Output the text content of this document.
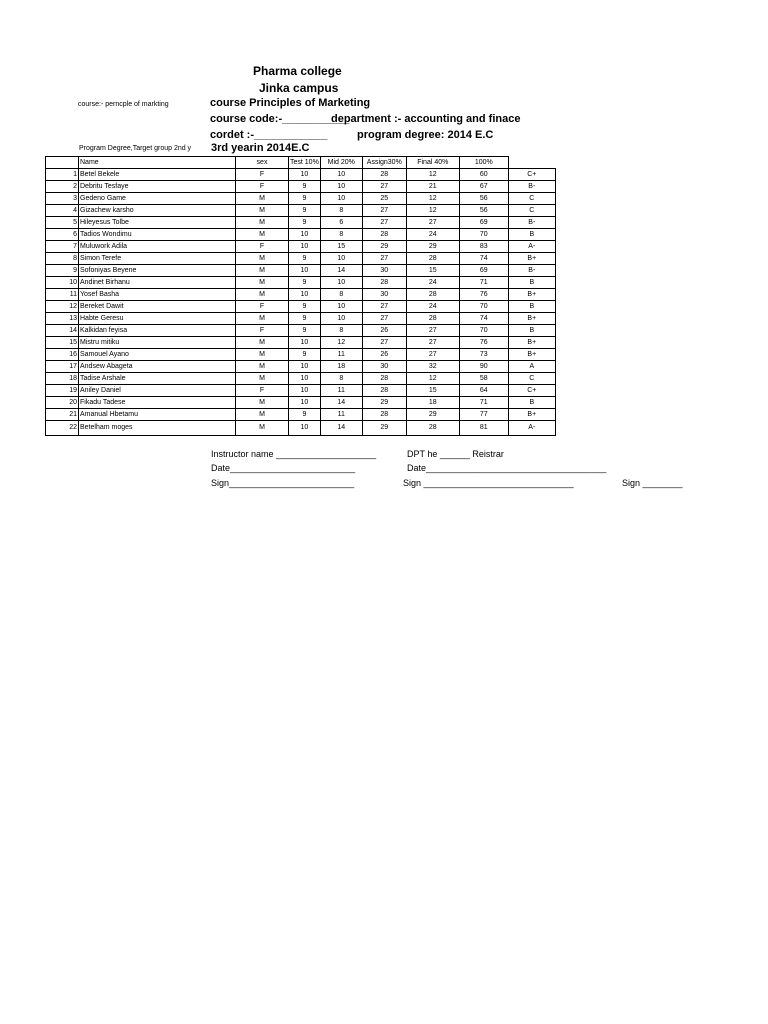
Pharma college
Jinka campus
course:- perncple of markting	course Principles of Marketing
course code:-___________
department :- accounting and finace
cordet :-____________	program degree: 2014 E.C
Program Degree,Target group 2nd y 3rd yearin 2014E.C
	Name	sex	Test 10%	Mid 20%	Assign30%	Final 40%	100%	
1	Betel Bekele	F	10	10	28	12	60	C+
2	Debritu Tesfaye	F	9	10	27	21	67	B-
3	Gedeno Game	M	9	10	25	12	56	C
4	Gizachew karsho	M	9	8	27	12	56	C
5	Hileyesus Tolbe	M	9	6	27	27	69	B-
6	Tadios Wondimu	M	10	8	28	24	70	B
7	Muluwork Adila	F	10	15	29	29	83	A-
8	Simon Terefe	M	9	10	27	28	74	B+
9	Sofoniyas Beyene	M	10	14	30	15	69	B-
10	Andinet Birhanu	M	9	10	28	24	71	B
11	Yosef Basha	M	10	8	30	28	76	B+
12	Bereket Dawit	F	9	10	27	24	70	B
13	Habte Geresu	M	9	10	27	28	74	B+
14	Kalkidan feyisa	F	9	8	26	27	70	B
15	Mistru mitiku	M	10	12	27	27	76	B+
16	Samouel Ayano	M	9	11	26	27	73	B+
17	Andsew Abageta	M	10	18	30	32	90	A
18	Tadise Arshale	M	10	8	28	12	58	C
19	Aniley Daniel	F	10	11	28	15	64	C+
20	Fikadu Tadese	M	10	14	29	18	71	B
21	Amanual Hbetamu	M	9	11	28	29	77	B+
22	Betelham moges	M	10	14	29	28	81	A-
Instructor name ____________________	DPT he ______ Reistrar
Date_________________________	Date____________________________________
Sign_________________________	Sign ______________________________	Sign ________
